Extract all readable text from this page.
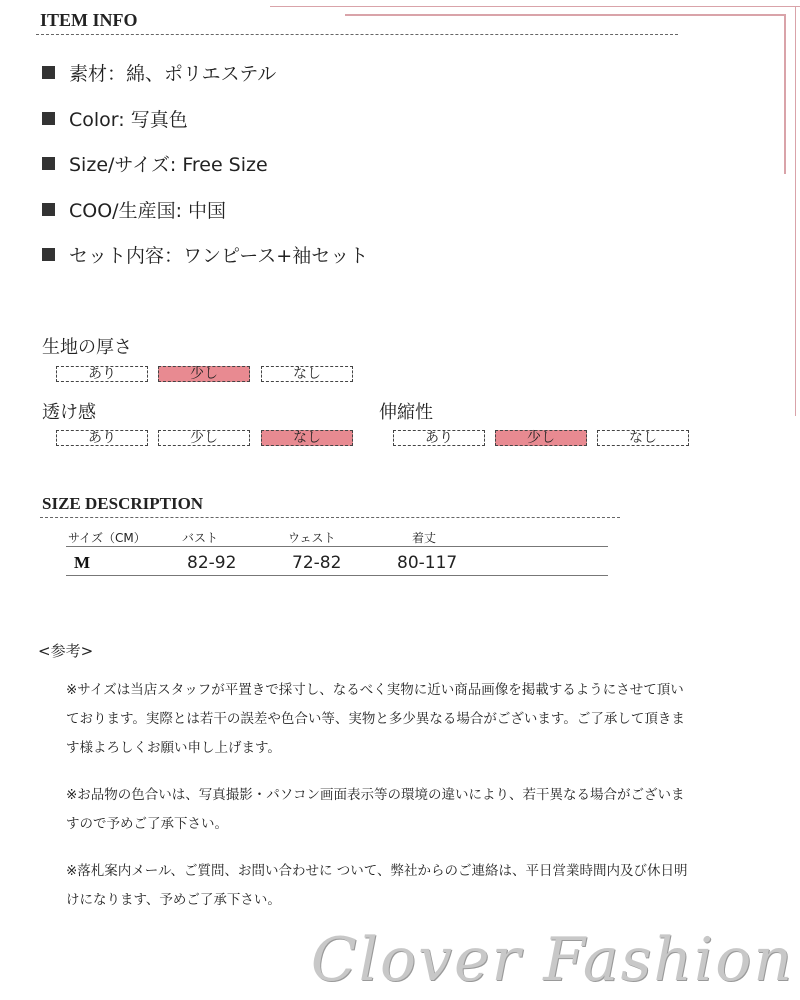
ITEM INFO
素材：綿、ポリエステル
Color: 写真色
Size/サイズ: Free Size
COO/生産国: 中国
セット内容：ワンピース+袖セット
生地の厚さ
あり	少し	なし
透け感
あり	少し	なし
伸縮性
あり	少し	なし
SIZE DESCRIPTION
サイズ（CM）	バスト	ウェスト	着丈
M	82-92	72-82	80-117
<参考>
※サイズは当店スタッフが平置きで採寸し、なるべく実物に近い商品画像を掲載するようにさせて頂いております。実際とは若干の誤差や色合い等、実物と多少異なる場合がございます。ご了承して頂きます様よろしくお願い申し上げます。
※お品物の色合いは、写真撮影・パソコン画面表示等の環境の違いにより、若干異なる場合がございますので予めご了承下さい。
※落札案内メール、ご質問、お問い合わせに ついて、弊社からのご連絡は、平日営業時間内及び休日明けになります、予めご了承下さい。
Clover Fashion
